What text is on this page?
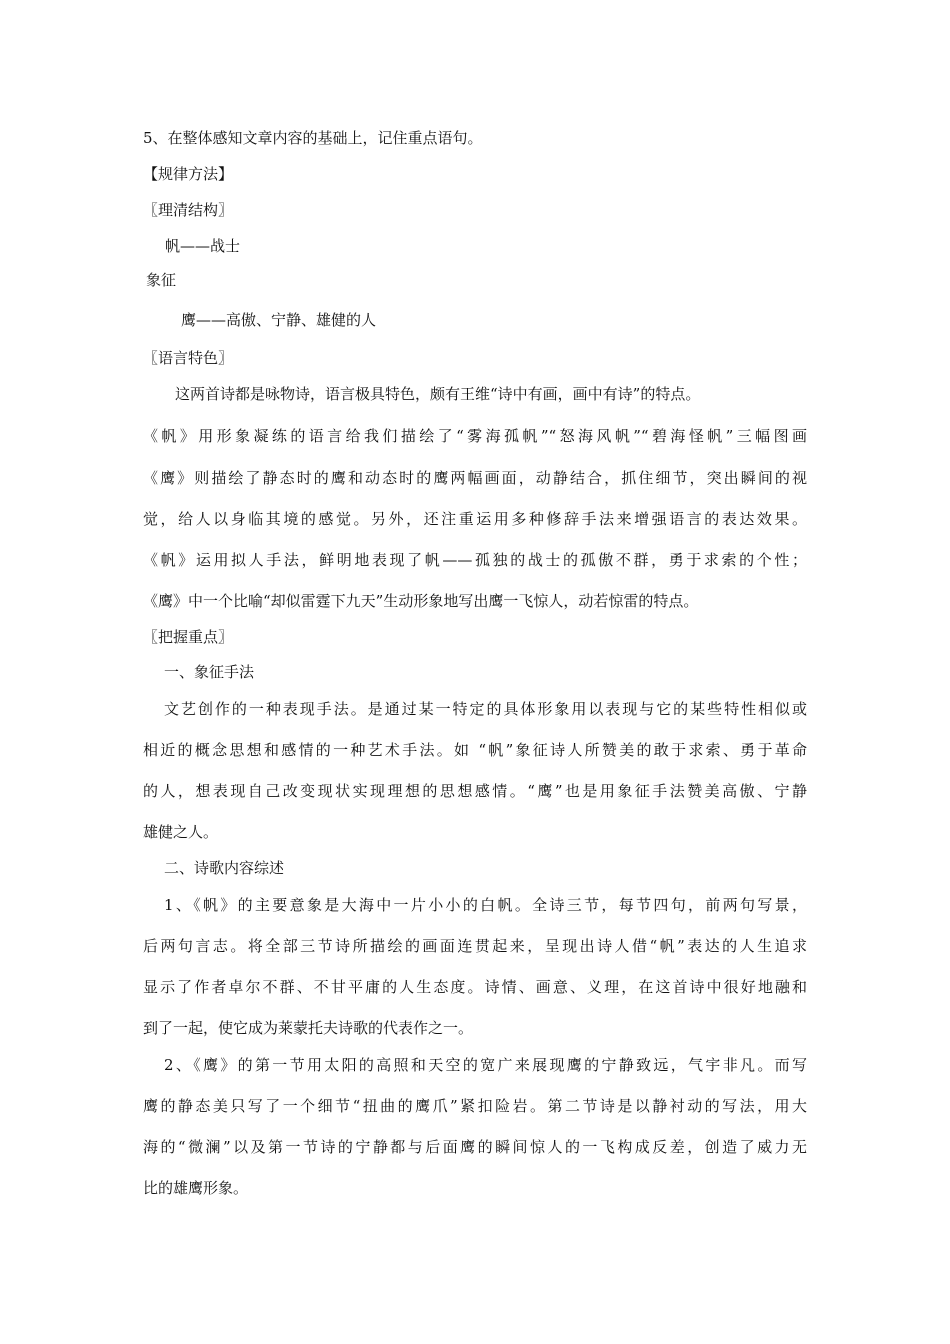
5、在整体感知文章内容的基础上，记住重点语句。
【规律方法】
〖理清结构〗
帆——战士
象征
鹰——高傲、宁静、雄健的人
〖语言特色〗
这两首诗都是咏物诗，语言极具特色，颇有王维“诗中有画，画中有诗”的特点。
《帆》用形象凝练的语言给我们描绘了“雾海孤帆”“怒海风帆”“碧海怪帆”三幅图画
《鹰》则描绘了静态时的鹰和动态时的鹰两幅画面，动静结合，抓住细节，突出瞬间的视
觉，给人以身临其境的感觉。另外，还注重运用多种修辞手法来增强语言的表达效果。
《帆》运用拟人手法，鲜明地表现了帆——孤独的战士的孤傲不群，勇于求索的个性；
《鹰》中一个比喻“却似雷霆下九天”生动形象地写出鹰一飞惊人，动若惊雷的特点。
〖把握重点〗
一、象征手法
文艺创作的一种表现手法。是通过某一特定的具体形象用以表现与它的某些特性相似或
相近的概念思想和感情的一种艺术手法。如 “帆”象征诗人所赞美的敢于求索、勇于革命
的人，想表现自己改变现状实现理想的思想感情。“鹰”也是用象征手法赞美高傲、宁静
雄健之人。
二、诗歌内容综述
1、《帆》的主要意象是大海中一片小小的白帆。全诗三节，每节四句，前两句写景，
后两句言志。将全部三节诗所描绘的画面连贯起来，呈现出诗人借“帆”表达的人生追求
显示了作者卓尔不群、不甘平庸的人生态度。诗情、画意、义理，在这首诗中很好地融和
到了一起，使它成为莱蒙托夫诗歌的代表作之一。
2、《鹰》的第一节用太阳的高照和天空的宽广来展现鹰的宁静致远，气宇非凡。而写
鹰的静态美只写了一个细节“扭曲的鹰爪”紧扣险岩。第二节诗是以静衬动的写法，用大
海的“微澜”以及第一节诗的宁静都与后面鹰的瞬间惊人的一飞构成反差，创造了威力无
比的雄鹰形象。
